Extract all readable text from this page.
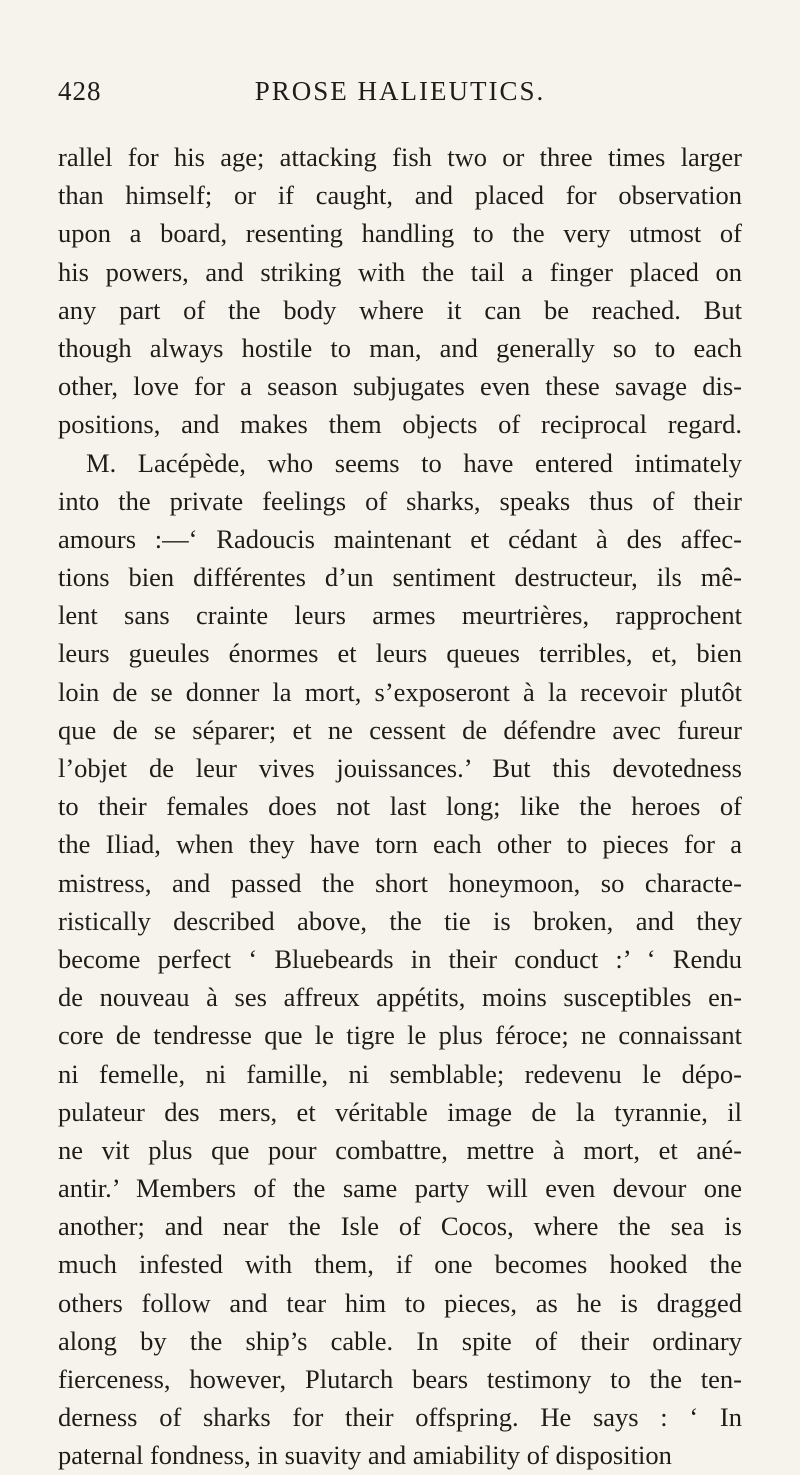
428	PROSE HALIEUTICS.
rallel for his age; attacking fish two or three times larger
than himself; or if caught, and placed for observation
upon a board, resenting handling to the very utmost of
his powers, and striking with the tail a finger placed on
any part of the body where it can be reached. But
though always hostile to man, and generally so to each
other, love for a season subjugates even these savage dis-
positions, and makes them objects of reciprocal regard.
M. Lacépède, who seems to have entered intimately
into the private feelings of sharks, speaks thus of their
amours :—‘ Radoucis maintenant et cédant à des affec-
tions bien différentes d’un sentiment destructeur, ils mê-
lent sans crainte leurs armes meurtrières, rapprochent
leurs gueules énormes et leurs queues terribles, et, bien
loin de se donner la mort, s’exposeront à la recevoir plutôt
que de se séparer; et ne cessent de défendre avec fureur
l’objet de leur vives jouissances.’ But this devotedness
to their females does not last long; like the heroes of
the Iliad, when they have torn each other to pieces for a
mistress, and passed the short honeymoon, so characte-
ristically described above, the tie is broken, and they
become perfect ‘ Bluebeards in their conduct :’ ‘ Rendu
de nouveau à ses affreux appétits, moins susceptibles en-
core de tendresse que le tigre le plus féroce; ne connaissant
ni femelle, ni famille, ni semblable; redevenu le dépo-
pulateur des mers, et véritable image de la tyrannie, il
ne vit plus que pour combattre, mettre à mort, et ané-
antir.’ Members of the same party will even devour one
another; and near the Isle of Cocos, where the sea is
much infested with them, if one becomes hooked the
others follow and tear him to pieces, as he is dragged
along by the ship’s cable. In spite of their ordinary
fierceness, however, Plutarch bears testimony to the ten-
derness of sharks for their offspring. He says : ‘ In
paternal fondness, in suavity and amiability of disposition
